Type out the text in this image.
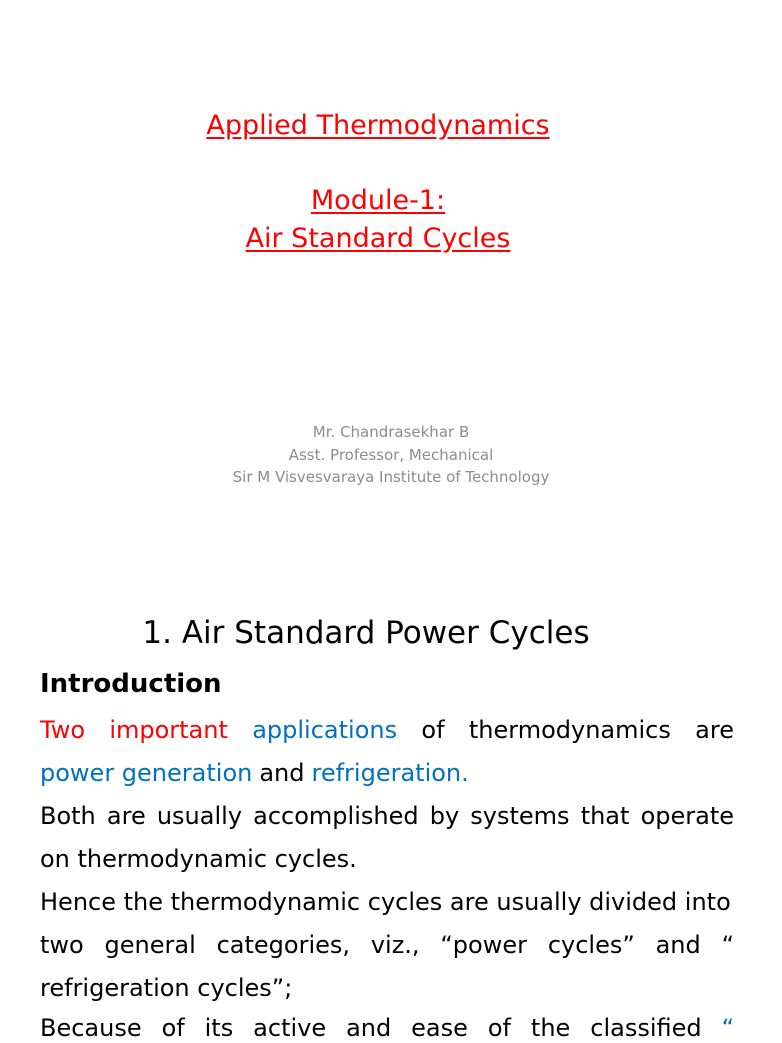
Applied Thermodynamics
Module-1:
Air Standard Cycles
Mr. Chandrasekhar B
Asst. Professor, Mechanical
Sir M Visvesvaraya Institute of Technology
1. Air Standard Power Cycles
Introduction
Two important applications of thermodynamics are
power generation and refrigeration.
Both are usually accomplished by systems that operate
on thermodynamic cycles.
Hence the thermodynamic cycles are usually divided into
two general categories, viz., “power cycles” and “
refrigeration cycles”;
Because of its active and ease of the classified “
